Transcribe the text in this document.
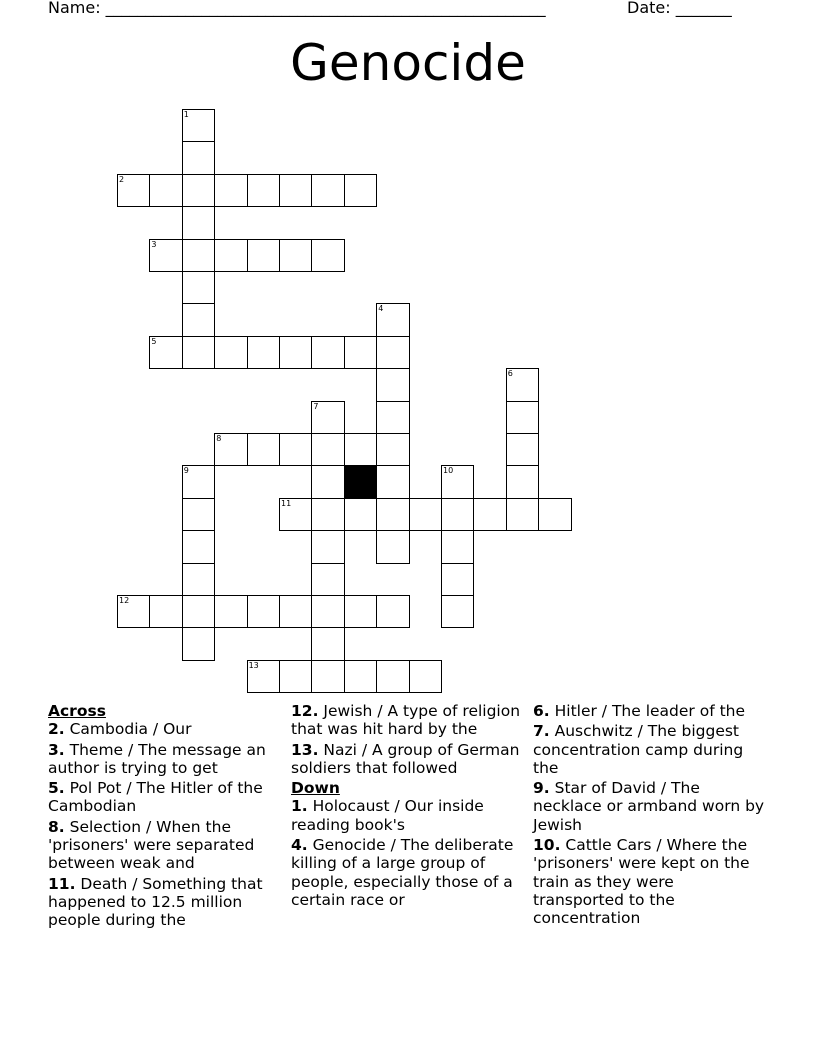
Name: _______________________________________________________	Date: _______
Genocide
1
2
3
4
5
6
7
8
9	10
11
12
13
Across
2. Cambodia / Our
3. Theme / The message an author is trying to get
5. Pol Pot / The Hitler of the Cambodian
8. Selection / When the 'prisoners' were separated between weak and
11. Death / Something that happened to 12.5 million people during the
12. Jewish / A type of religion that was hit hard by the
13. Nazi / A group of German soldiers that followed
Down
1. Holocaust / Our inside reading book's
4. Genocide / The deliberate killing of a large group of people, especially those of a certain race or
6. Hitler / The leader of the
7. Auschwitz / The biggest concentration camp during the
9. Star of David / The necklace or armband worn by Jewish
10. Cattle Cars / Where the 'prisoners' were kept on the train as they were transported to the concentration
